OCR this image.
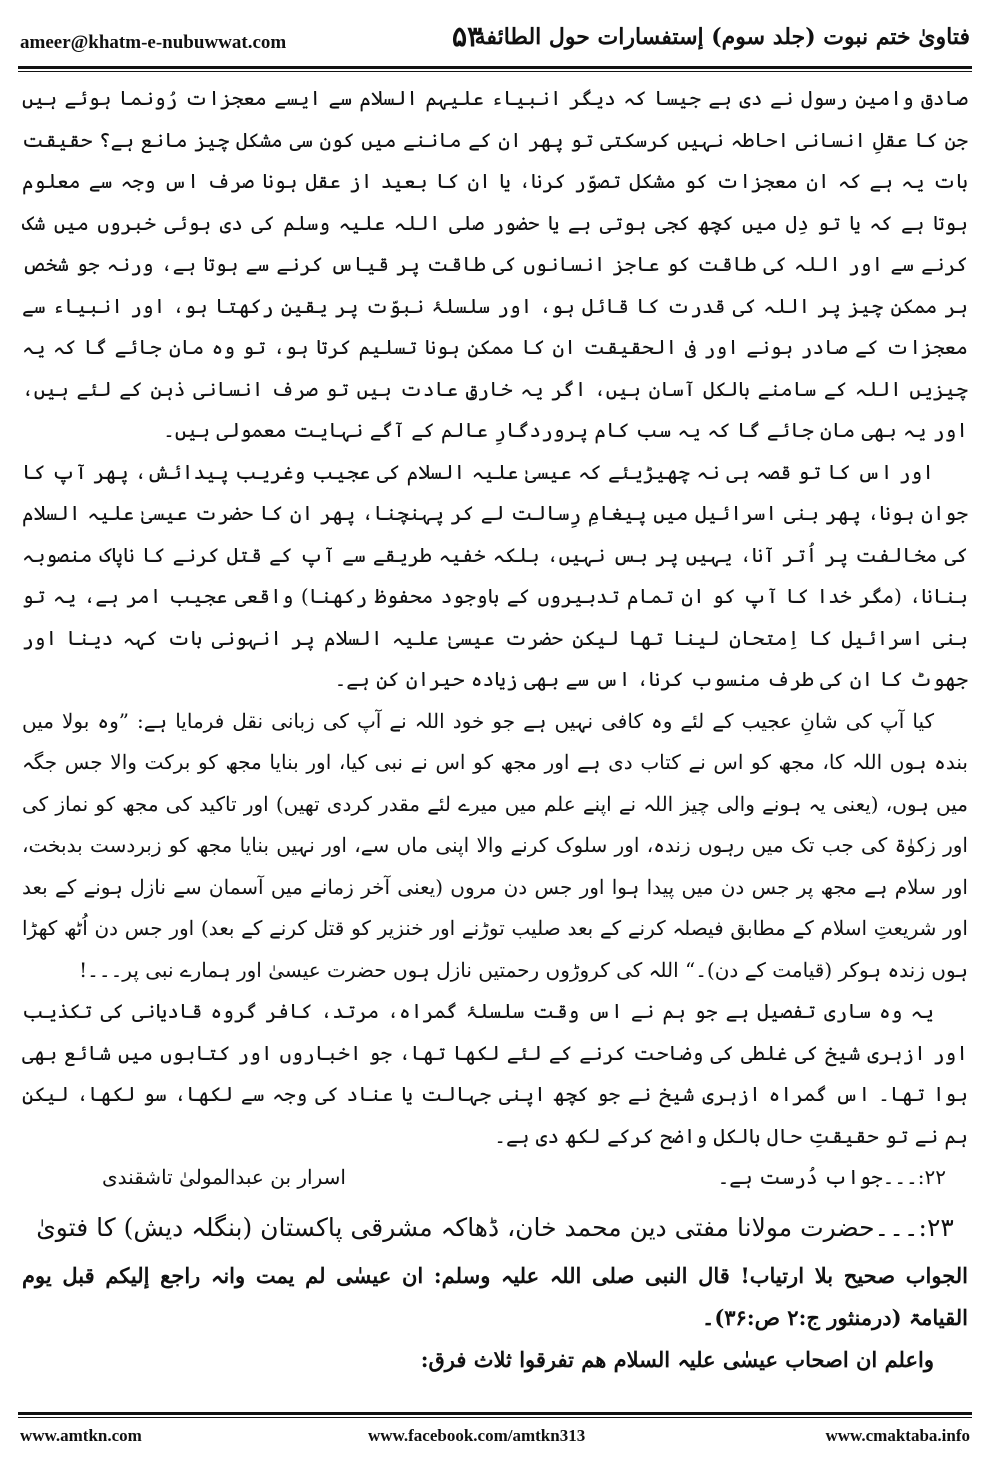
ameer@khatm-e-nubuwwat.com	۵۳
فتاویٰ ختم نبوت (جلد سوم) إستفسارات حول الطائفة

صادق وامین رسول نے دی ہے جیسا کہ دیگر انبیاء علیہم السلام سے ایسے معجزات رُونما ہوئے ہیں جن کا عقلِ انسانی احاطہ نہیں کرسکتی تو پھر ان کے ماننے میں کون سی مشکل چیز مانع ہے؟ حقیقت بات یہ ہے کہ ان معجزات کو مشکل تصوّر کرنا، یا ان کا بعید از عقل ہونا صرف اس وجہ سے معلوم ہوتا ہے کہ یا تو دِل میں کچھ کجی ہوتی ہے یا حضور صلی اللہ علیہ وسلم کی دی ہوئی خبروں میں شک کرنے سے اور اللہ کی طاقت کو عاجز انسانوں کی طاقت پر قیاس کرنے سے ہوتا ہے، ورنہ جو شخص ہر ممکن چیز پر اللہ کی قدرت کا قائل ہو، اور سلسلۂ نبوّت پر یقین رکھتا ہو، اور انبیاء سے معجزات کے صادر ہونے اور فی الحقیقت ان کا ممکن ہونا تسلیم کرتا ہو، تو وہ مان جائے گا کہ یہ چیزیں اللہ کے سامنے بالکل آسان ہیں، اگر یہ خارقِ عادت ہیں تو صرف انسانی ذہن کے لئے ہیں، اور یہ بھی مان جائے گا کہ یہ سب کام پروردگارِ عالم کے آگے نہایت معمولی ہیں۔

اور اس کا تو قصہ ہی نہ چھیڑیئے کہ عیسیٰ علیہ السلام کی عجیب وغریب پیدائش، پھر آپ کا جوان ہونا، پھر بنی اسرائیل میں پیغامِ رِسالت لے کر پہنچنا، پھر ان کا حضرت عیسیٰ علیہ السلام کی مخالفت پر اُتر آنا، یہیں پر بس نہیں، بلکہ خفیہ طریقے سے آپ کے قتل کرنے کا ناپاک منصوبہ بنانا، (مگر خدا کا آپ کو ان تمام تدبیروں کے باوجود محفوظ رکھنا) واقعی عجیب امر ہے، یہ تو بنی اسرائیل کا اِمتحان لینا تھا لیکن حضرت عیسیٰ علیہ السلام پر انہونی بات کہہ دینا اور جھوٹ کا ان کی طرف منسوب کرنا، اس سے بھی زیادہ حیران کن ہے۔

کیا آپ کی شانِ عجیب کے لئے وہ کافی نہیں ہے جو خود اللہ نے آپ کی زبانی نقل فرمایا ہے: ”وہ بولا میں بندہ ہوں اللہ کا، مجھ کو اس نے کتاب دی ہے اور مجھ کو اس نے نبی کیا، اور بنایا مجھ کو برکت والا جس جگہ میں ہوں، (یعنی یہ ہونے والی چیز اللہ نے اپنے علم میں میرے لئے مقدر کردی تھیں) اور تاکید کی مجھ کو نماز کی اور زکوٰۃ کی جب تک میں رہوں زندہ، اور سلوک کرنے والا اپنی ماں سے، اور نہیں بنایا مجھ کو زبردست بدبخت، اور سلام ہے مجھ پر جس دن میں پیدا ہوا اور جس دن مروں (یعنی آخر زمانے میں آسمان سے نازل ہونے کے بعد اور شریعتِ اسلام کے مطابق فیصلہ کرنے کے بعد صلیب توڑنے اور خنزیر کو قتل کرنے کے بعد) اور جس دن اُٹھ کھڑا ہوں زندہ ہوکر (قیامت کے دن)۔“ اللہ کی کروڑوں رحمتیں نازل ہوں حضرت عیسیٰ اور ہمارے نبی پر۔۔۔!

یہ وہ ساری تفصیل ہے جو ہم نے اس وقت سلسلۂ گمراہ، مرتد، کافر گروہ قادیانی کی تکذیب اور ازہری شیخ کی غلطی کی وضاحت کرنے کے لئے لکھا تھا، جو اخباروں اور کتابوں میں شائع بھی ہوا تھا۔ اس گمراہ ازہری شیخ نے جو کچھ اپنی جہالت یا عناد کی وجہ سے لکھا، سو لکھا، لیکن ہم نے تو حقیقتِ حال بالکل واضح کرکے لکھ دی ہے۔

۲۲:۔۔۔جواب دُرست ہے۔
اسرار بن عبدالمولیٰ تاشقندی
۲۳:۔۔۔حضرت مولانا مفتی دین محمد خان، ڈھاکہ مشرقی پاکستان (بنگلہ دیش) کا فتویٰ

الجواب صحیح بلا ارتیاب! قال النبی صلی اللہ علیہ وسلم: ان عیسٰی لم یمت وانہ راجع إلیکم قبل یوم القیامۃ (درمنثور ج:۲ ص:۳۶)۔

واعلم ان اصحاب عیسٰی علیہ السلام ھم تفرقوا ثلاث فرق:

www.amtkn.com	www.facebook.com/amtkn313	www.cmaktaba.info
